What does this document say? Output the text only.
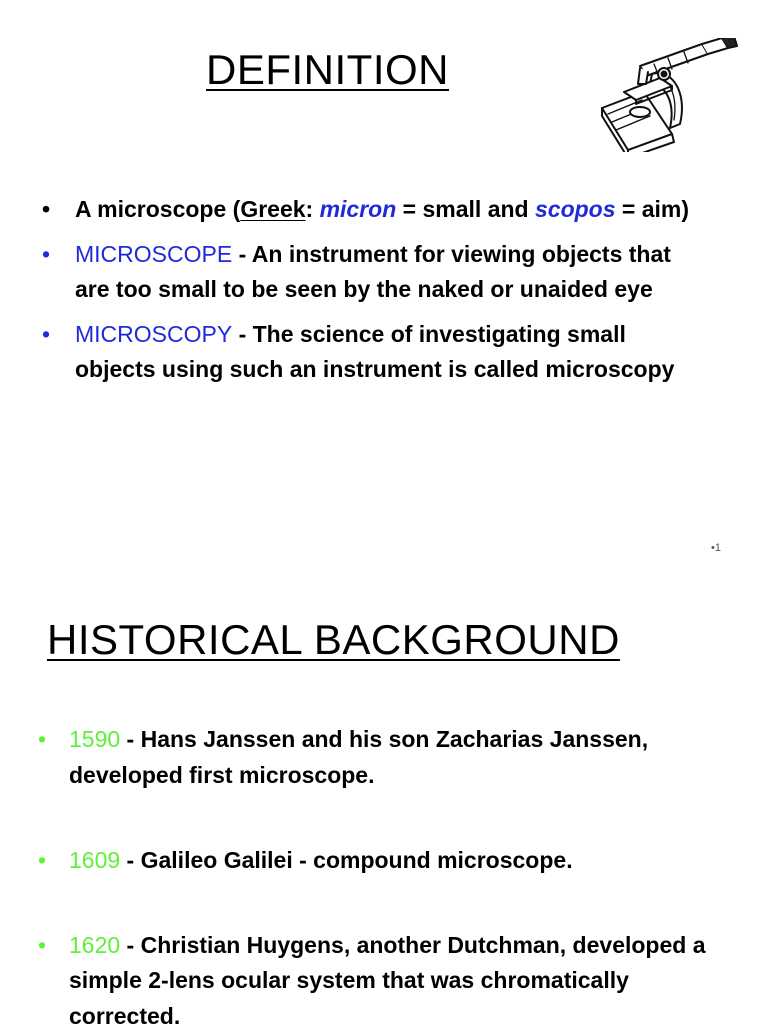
DEFINITION
• A microscope (Greek: micron = small and scopos = aim)
• MICROSCOPE - An instrument for viewing objects that are too small to be seen by the naked or unaided eye
• MICROSCOPY - The science of investigating small objects using such an instrument is called microscopy
•1
HISTORICAL BACKGROUND
• 1590 - Hans Janssen and his son Zacharias Janssen, developed first microscope.
• 1609 - Galileo Galilei - compound microscope.
• 1620 - Christian Huygens, another Dutchman, developed a simple 2-lens ocular system that was chromatically corrected.
